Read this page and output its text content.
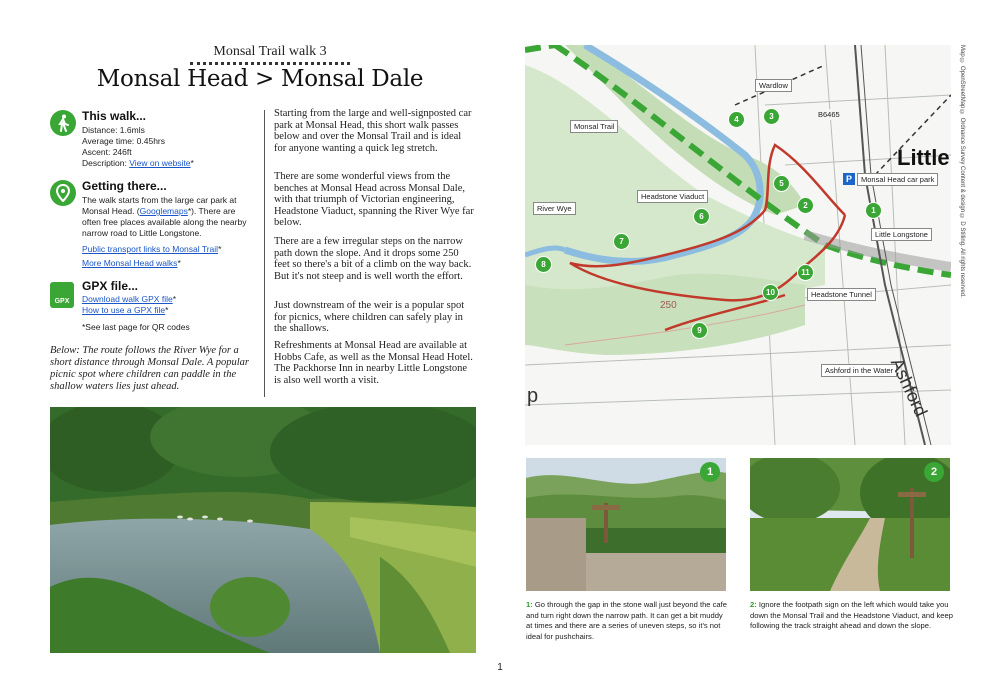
Monsal Trail walk 3
Monsal Head > Monsal Dale
This walk...
Distance: 1.6mls
Average time: 0.45hrs
Ascent: 246ft
Description: View on website*
Getting there...
The walk starts from the large car park at
Monsal Head. (Googlemaps*). There are
often free places available along the nearby
narrow road to Little Longstone.
Public transport links to Monsal Trail*
More Monsal Head walks*
GPX
GPX file...
Download walk GPX file*
How to use a GPX file*
*See last page for QR codes
Below: The route follows the River Wye for a short distance through Monsal Dale. A popular picnic spot where children can paddle in the shallow waters lies just ahead.
Starting from the large and well-signposted car park at Monsal Head, this short walk passes below and over the Monsal Trail and is ideal for anyone wanting a quick leg stretch.
There are some wonderful views from the benches at Monsal Head across Monsal Dale, with that triumph of Victorian engineering, Headstone Viaduct, spanning the River Wye far below.
There are a few irregular steps on the narrow path down the slope. And it drops some 250 feet so there's a bit of a climb on the way back. But it's not steep and is well worth the effort.
Just downstream of the weir is a popular spot for picnics, where children can safely play in the shallows.
Refreshments at Monsal Head are available at Hobbs Cafe, as well as the Monsal Head Hotel. The Packhorse Inn in nearby Little Longstone is also well worth a visit.
Wardlow
Monsal Trail
B6465
Little
P	Monsal Head car park
Headstone Viaduct
River Wye
Little Longstone
Headstone Tunnel
Ashford in the Water
Ashford
250
p
1
2
3
4
5
6
7
8
9
10
11	Map © OpenStreetMap © Ordnance Survey Content & design © D Stilling. All rights reserved.
1	2
1: Go through the gap in the stone wall just beyond the cafe and turn right down the narrow path. It can get a bit muddy at times and there are a series of uneven steps, so it's not ideal for pushchairs.
2: Ignore the footpath sign on the left which would take you down the Monsal Trail and the Headstone Viaduct, and keep following the track straight ahead and down the slope.
1
